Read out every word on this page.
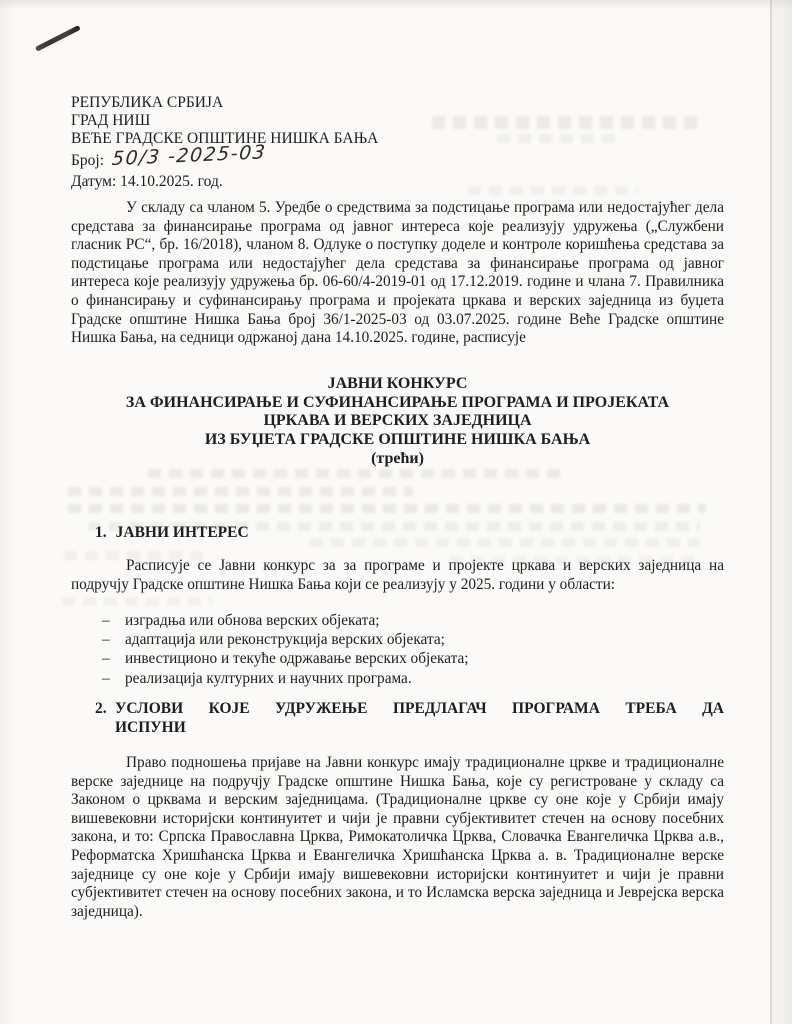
РЕПУБЛИКА СРБИЈА
ГРАД НИШ
ВЕЋЕ ГРАДСКЕ ОПШТИНЕ НИШКА БАЊА
Број: 50/3 -2025-03
Датум: 14.10.2025. год.

У складу са чланом 5. Уредбе о средствима за подстицање програма или недостајућег дела средстава за финансирање програма од јавног интереса које реализују удружења („Службени гласник РС“, бр. 16/2018), чланом 8. Одлуке о поступку доделе и контроле коришћења средстава за подстицање програма или недостајућег дела средстава за финансирање програма од јавног интереса које реализују удружења бр. 06-60/4-2019-01 од 17.12.2019. године и члана 7. Правилника о финансирању и суфинансирању програма и пројеката цркава и верских заједница из буџета Градске општине Нишка Бања број 36/1-2025-03 од 03.07.2025. године Веће Градске општине Нишка Бања, на седници одржаној дана 14.10.2025. године, расписује

ЈАВНИ КОНКУРС
ЗА ФИНАНСИРАЊЕ И СУФИНАНСИРАЊЕ ПРОГРАМА И ПРОЈЕКАТА
ЦРКАВА И ВЕРСКИХ ЗАЈЕДНИЦА
ИЗ БУЏЕТА ГРАДСКЕ ОПШТИНЕ НИШКА БАЊА
(трећи)
1. ЈАВНИ ИНТЕРЕС

Расписује се Јавни конкурс за за програме и пројекте цркава и верских заједница на подручју Градске општине Нишка Бања који се реализују у 2025. години у области:

– изградња или обнова верских објеката;
– адаптација или реконструкција верских објеката;
– инвестиционо и текуће одржавање верских објеката;
– реализација културних и научних програма.
2. УСЛОВИ КОЈЕ УДРУЖЕЊЕ ПРЕДЛАГАЧ ПРОГРАМА ТРЕБА ДА
ИСПУНИ

Право подношења пријаве на Јавни конкурс имају традиционалне цркве и традиционалне верске заједнице на подручју Градске општине Нишка Бања, које су регистроване у складу са Законом о црквама и верским заједницама. (Традиционалне цркве су оне које у Србији имају вишевековни историјски континуитет и чији је правни субјективитет стечен на основу посебних закона, и то: Српска Православна Црква, Римокатоличка Црква, Словачка Евангеличка Црква а.в., Реформатска Хришћанска Црква и Евангеличка Хришћанска Црква а. в. Традиционалне верске заједнице су оне које у Србији имају вишевековни историјски континуитет и чији је правни субјективитет стечен на основу посебних закона, и то Исламска верска заједница и Јеврејска верска заједница).
